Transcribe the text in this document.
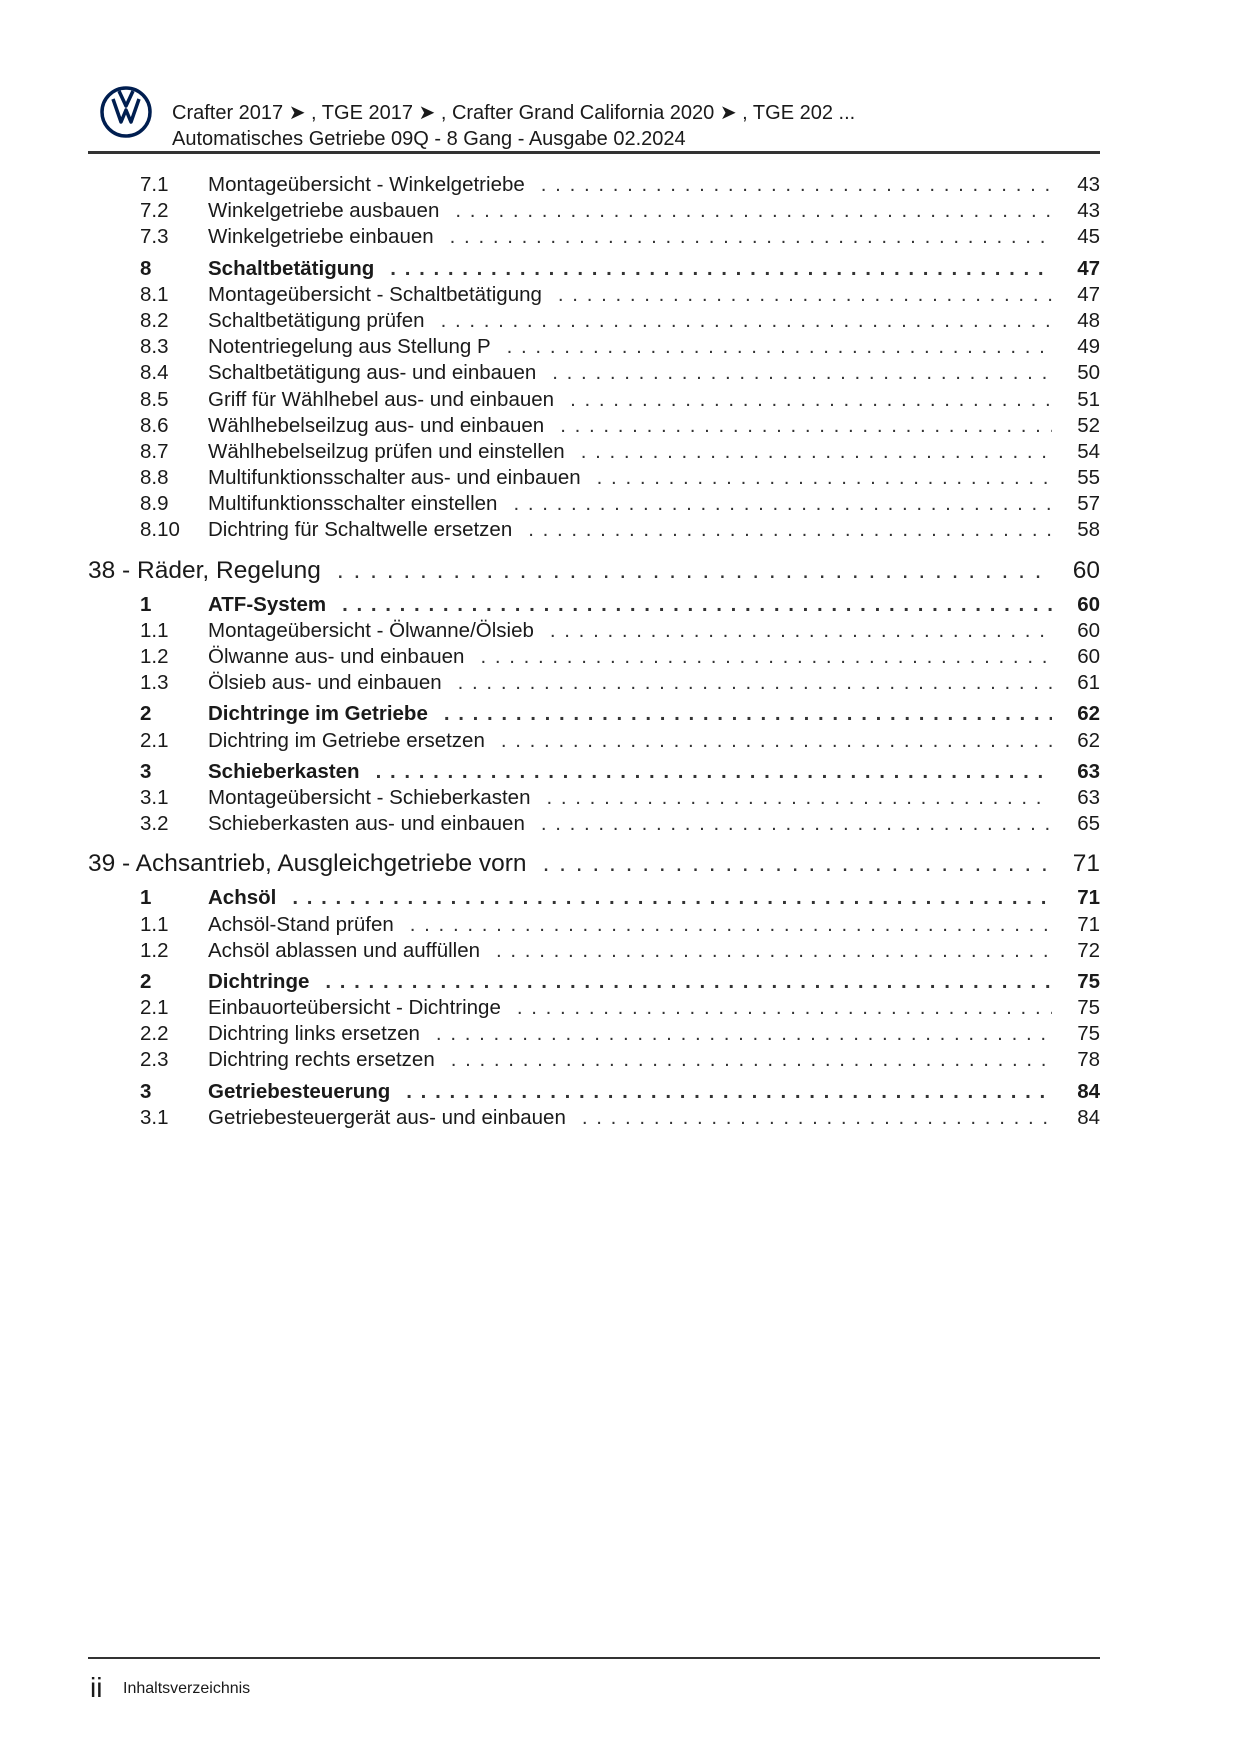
Crafter 2017 ➤ , TGE 2017 ➤ , Crafter Grand California 2020 ➤ , TGE 202 ...
Automatisches Getriebe 09Q - 8 Gang - Ausgabe 02.2024
7.1	Montageübersicht - Winkelgetriebe . . .	43
7.2	Winkelgetriebe ausbauen . . .	43
7.3	Winkelgetriebe einbauen . . .	45
8	Schaltbetätigung . . .	47
8.1	Montageübersicht - Schaltbetätigung . . .	47
8.2	Schaltbetätigung prüfen . . .	48
8.3	Notentriegelung aus Stellung P . . .	49
8.4	Schaltbetätigung aus- und einbauen . . .	50
8.5	Griff für Wählhebel aus- und einbauen . . .	51
8.6	Wählhebelseilzug aus- und einbauen . . .	52
8.7	Wählhebelseilzug prüfen und einstellen . . .	54
8.8	Multifunktionsschalter aus- und einbauen . . .	55
8.9	Multifunktionsschalter einstellen . . .	57
8.10	Dichtring für Schaltwelle ersetzen . . .	58
38 - Räder, Regelung . . .	60
1	ATF-System . . .	60
1.1	Montageübersicht - Ölwanne/Ölsieb . . .	60
1.2	Ölwanne aus- und einbauen . . .	60
1.3	Ölsieb aus- und einbauen . . .	61
2	Dichtringe im Getriebe . . .	62
2.1	Dichtring im Getriebe ersetzen . . .	62
3	Schieberkasten . . .	63
3.1	Montageübersicht - Schieberkasten . . .	63
3.2	Schieberkasten aus- und einbauen . . .	65
39 - Achsantrieb, Ausgleichgetriebe vorn . . .	71
1	Achsöl . . .	71
1.1	Achsöl-Stand prüfen . . .	71
1.2	Achsöl ablassen und auffüllen . . .	72
2	Dichtringe . . .	75
2.1	Einbauorteübersicht - Dichtringe . . .	75
2.2	Dichtring links ersetzen . . .	75
2.3	Dichtring rechts ersetzen . . .	78
3	Getriebesteuerung . . .	84
3.1	Getriebesteuergerät aus- und einbauen . . .	84
ii Inhaltsverzeichnis
